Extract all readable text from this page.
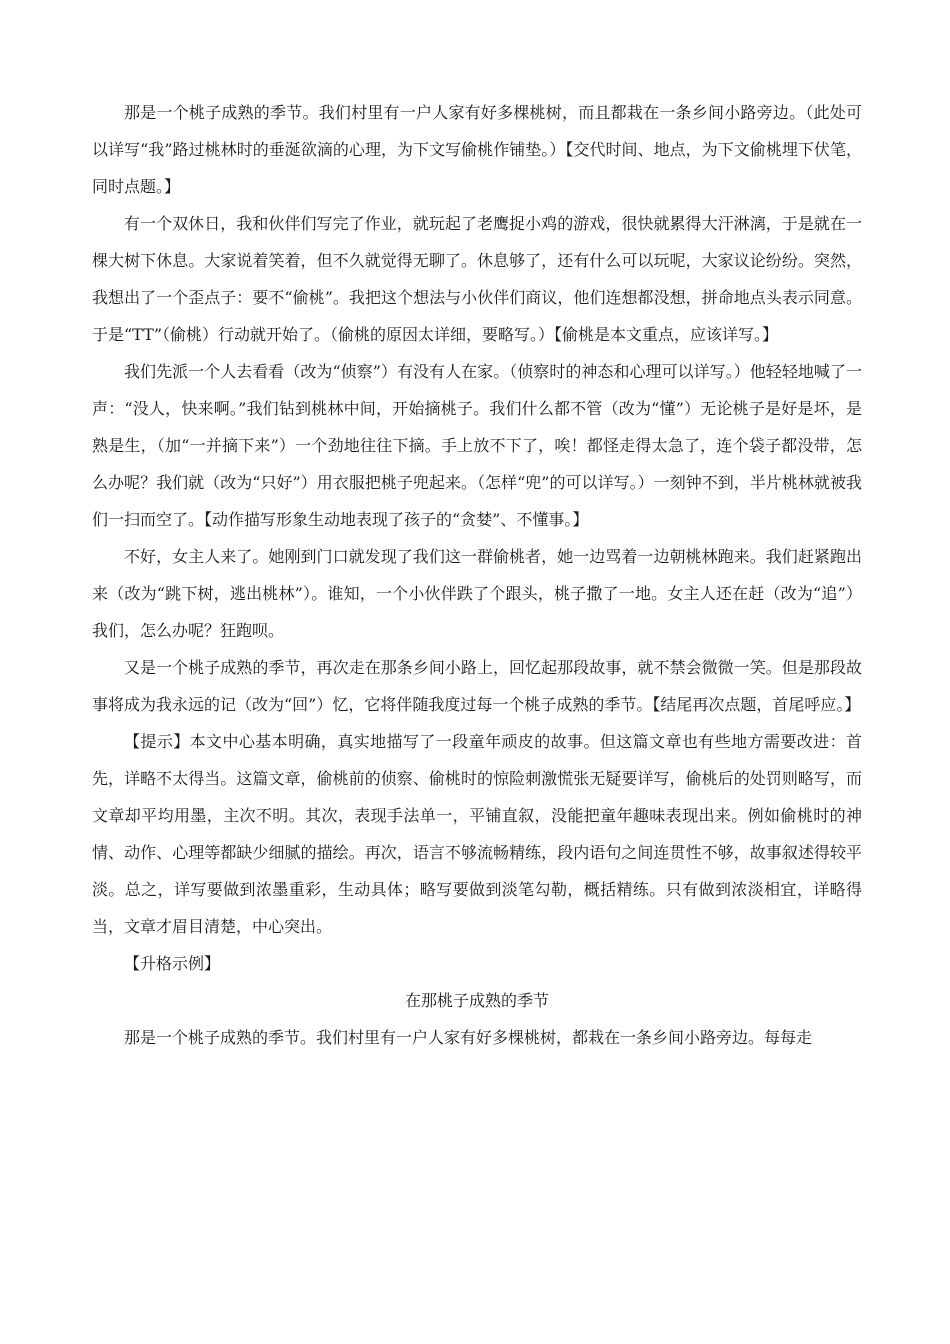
那是一个桃子成熟的季节。我们村里有一户人家有好多棵桃树，而且都栽在一条乡间小路旁边。（此处可以详写“我”路过桃林时的垂涎欲滴的心理，为下文写偷桃作铺垫。）【交代时间、地点，为下文偷桃埋下伏笔，同时点题。】

有一个双休日，我和伙伴们写完了作业，就玩起了老鹰捉小鸡的游戏，很快就累得大汗淋漓，于是就在一棵大树下休息。大家说着笑着，但不久就觉得无聊了。休息够了，还有什么可以玩呢，大家议论纷纷。突然，我想出了一个歪点子：要不“偷桃”。我把这个想法与小伙伴们商议，他们连想都没想，拼命地点头表示同意。于是“TT”（偷桃）行动就开始了。（偷桃的原因太详细，要略写。）【偷桃是本文重点，应该详写。】

我们先派一个人去看看（改为“侦察”）有没有人在家。（侦察时的神态和心理可以详写。）他轻轻地喊了一声：“没人，快来啊。”我们钻到桃林中间，开始摘桃子。我们什么都不管（改为“懂”）无论桃子是好是坏，是熟是生，（加“一并摘下来”）一个劲地往往下摘。手上放不下了，唉！都怪走得太急了，连个袋子都没带，怎么办呢？我们就（改为“只好”）用衣服把桃子兜起来。（怎样“兜”的可以详写。）一刻钟不到，半片桃林就被我们一扫而空了。【动作描写形象生动地表现了孩子的“贪婪”、不懂事。】

不好，女主人来了。她刚到门口就发现了我们这一群偷桃者，她一边骂着一边朝桃林跑来。我们赶紧跑出来（改为“跳下树，逃出桃林”）。谁知，一个小伙伴跌了个跟头，桃子撒了一地。女主人还在赶（改为“追”）我们，怎么办呢？狂跑呗。

又是一个桃子成熟的季节，再次走在那条乡间小路上，回忆起那段故事，就不禁会微微一笑。但是那段故事将成为我永远的记（改为“回”）忆，它将伴随我度过每一个桃子成熟的季节。【结尾再次点题，首尾呼应。】

【提示】本文中心基本明确，真实地描写了一段童年顽皮的故事。但这篇文章也有些地方需要改进：首先，详略不太得当。这篇文章，偷桃前的侦察、偷桃时的惊险刺激慌张无疑要详写，偷桃后的处罚则略写，而文章却平均用墨，主次不明。其次，表现手法单一，平铺直叙，没能把童年趣味表现出来。例如偷桃时的神情、动作、心理等都缺少细腻的描绘。再次，语言不够流畅精练，段内语句之间连贯性不够，故事叙述得较平淡。总之，详写要做到浓墨重彩，生动具体；略写要做到淡笔勾勒，概括精练。只有做到浓淡相宜，详略得当，文章才眉目清楚，中心突出。

【升格示例】

在那桃子成熟的季节

那是一个桃子成熟的季节。我们村里有一户人家有好多棵桃树，都栽在一条乡间小路旁边。每每走
